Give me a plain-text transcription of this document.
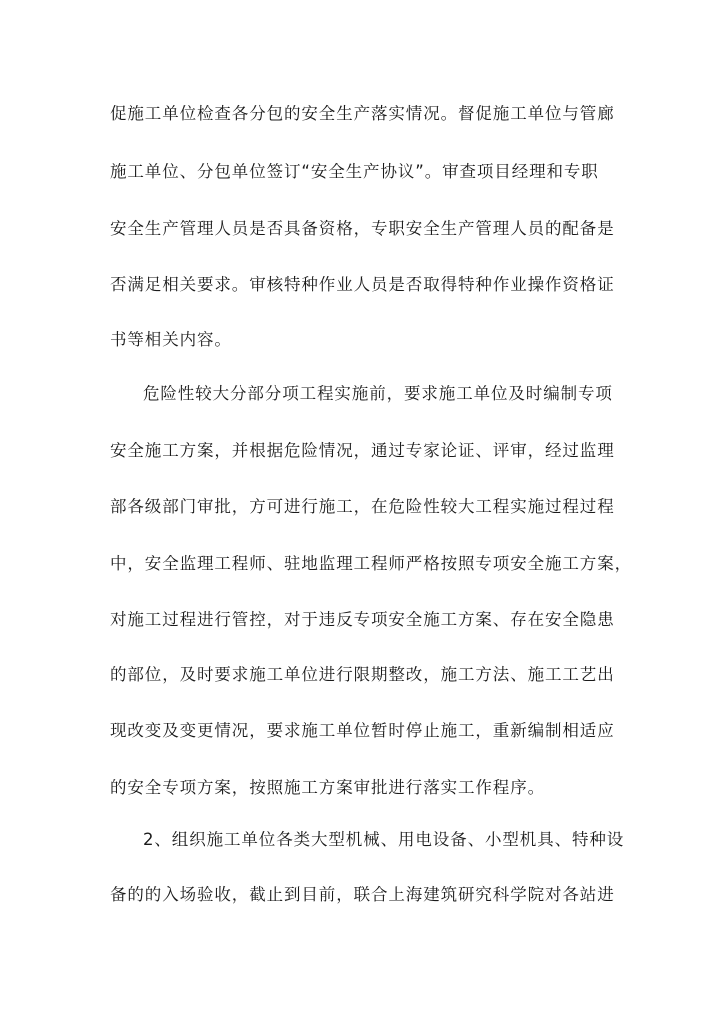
促施工单位检查各分包的安全生产落实情况。督促施工单位与管廊
施工单位、分包单位签订“安全生产协议”。审查项目经理和专职
安全生产管理人员是否具备资格，专职安全生产管理人员的配备是
否满足相关要求。审核特种作业人员是否取得特种作业操作资格证
书等相关内容。
危险性较大分部分项工程实施前，要求施工单位及时编制专项
安全施工方案，并根据危险情况，通过专家论证、评审，经过监理
部各级部门审批，方可进行施工，在危险性较大工程实施过程过程
中，安全监理工程师、驻地监理工程师严格按照专项安全施工方案，
对施工过程进行管控，对于违反专项安全施工方案、存在安全隐患
的部位，及时要求施工单位进行限期整改，施工方法、施工工艺出
现改变及变更情况，要求施工单位暂时停止施工，重新编制相适应
的安全专项方案，按照施工方案审批进行落实工作程序。
2、组织施工单位各类大型机械、用电设备、小型机具、特种设
备的的入场验收，截止到目前，联合上海建筑研究科学院对各站进
